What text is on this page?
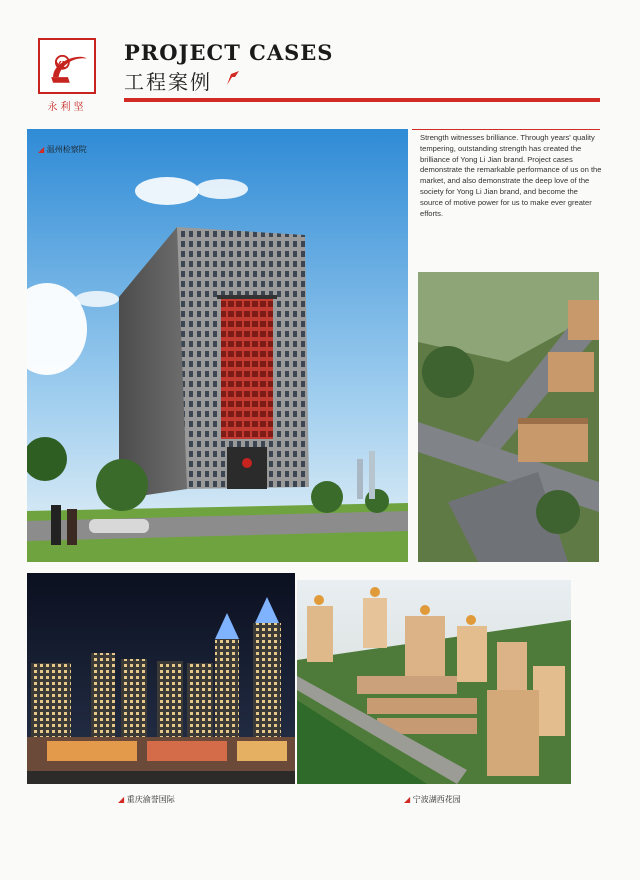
YL
永利坚
PROJECT CASES
工程案例
Strength witnesses brilliance. Through years' quality tempering, outstanding strength has created the brilliance of Yong Li Jian brand. Project cases demonstrate the remarkable performance of us on the market, and also demonstrate the deep love of the society for Yong Li Jian brand, and become the source of motive power for us to make ever greater efforts.
◢ 温州检察院
◢ 重庆渝誉国际	◢ 宁波湖西花园
